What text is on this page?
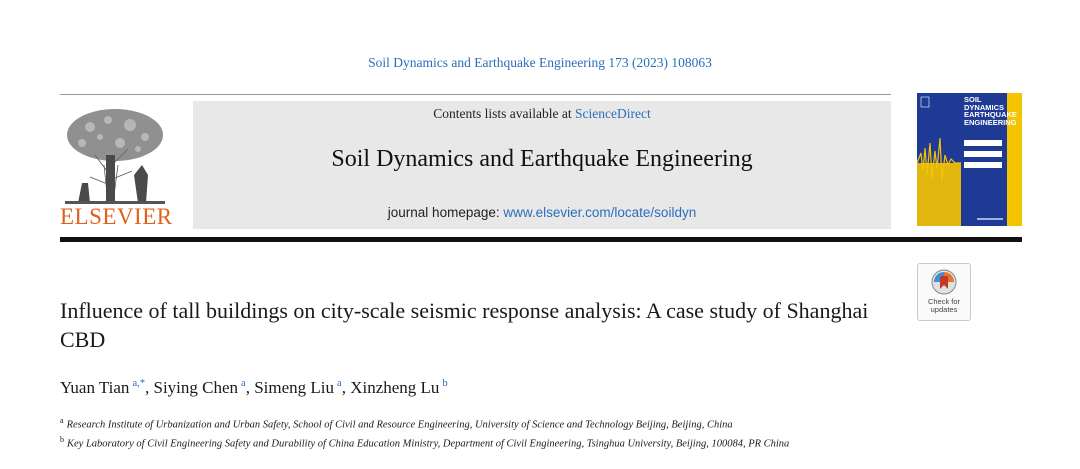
Soil Dynamics and Earthquake Engineering 173 (2023) 108063
ELSEVIER
Contents lists available at ScienceDirect
Soil Dynamics and Earthquake Engineering
journal homepage: www.elsevier.com/locate/soildyn
SOIL DYNAMICS EARTHQUAKE ENGINEERING
Check for
updates
Influence of tall buildings on city-scale seismic response analysis: A case study of Shanghai CBD
Yuan Tian $^{a,*}$, Siying Chen $^a$, Simeng Liu $^a$, Xinzheng Lu $^b$
$^a$ Research Institute of Urbanization and Urban Safety, School of Civil and Resource Engineering, University of Science and Technology Beijing, Beijing, China
$^b$ Key Laboratory of Civil Engineering Safety and Durability of China Education Ministry, Department of Civil Engineering, Tsinghua University, Beijing, 100084, PR China
